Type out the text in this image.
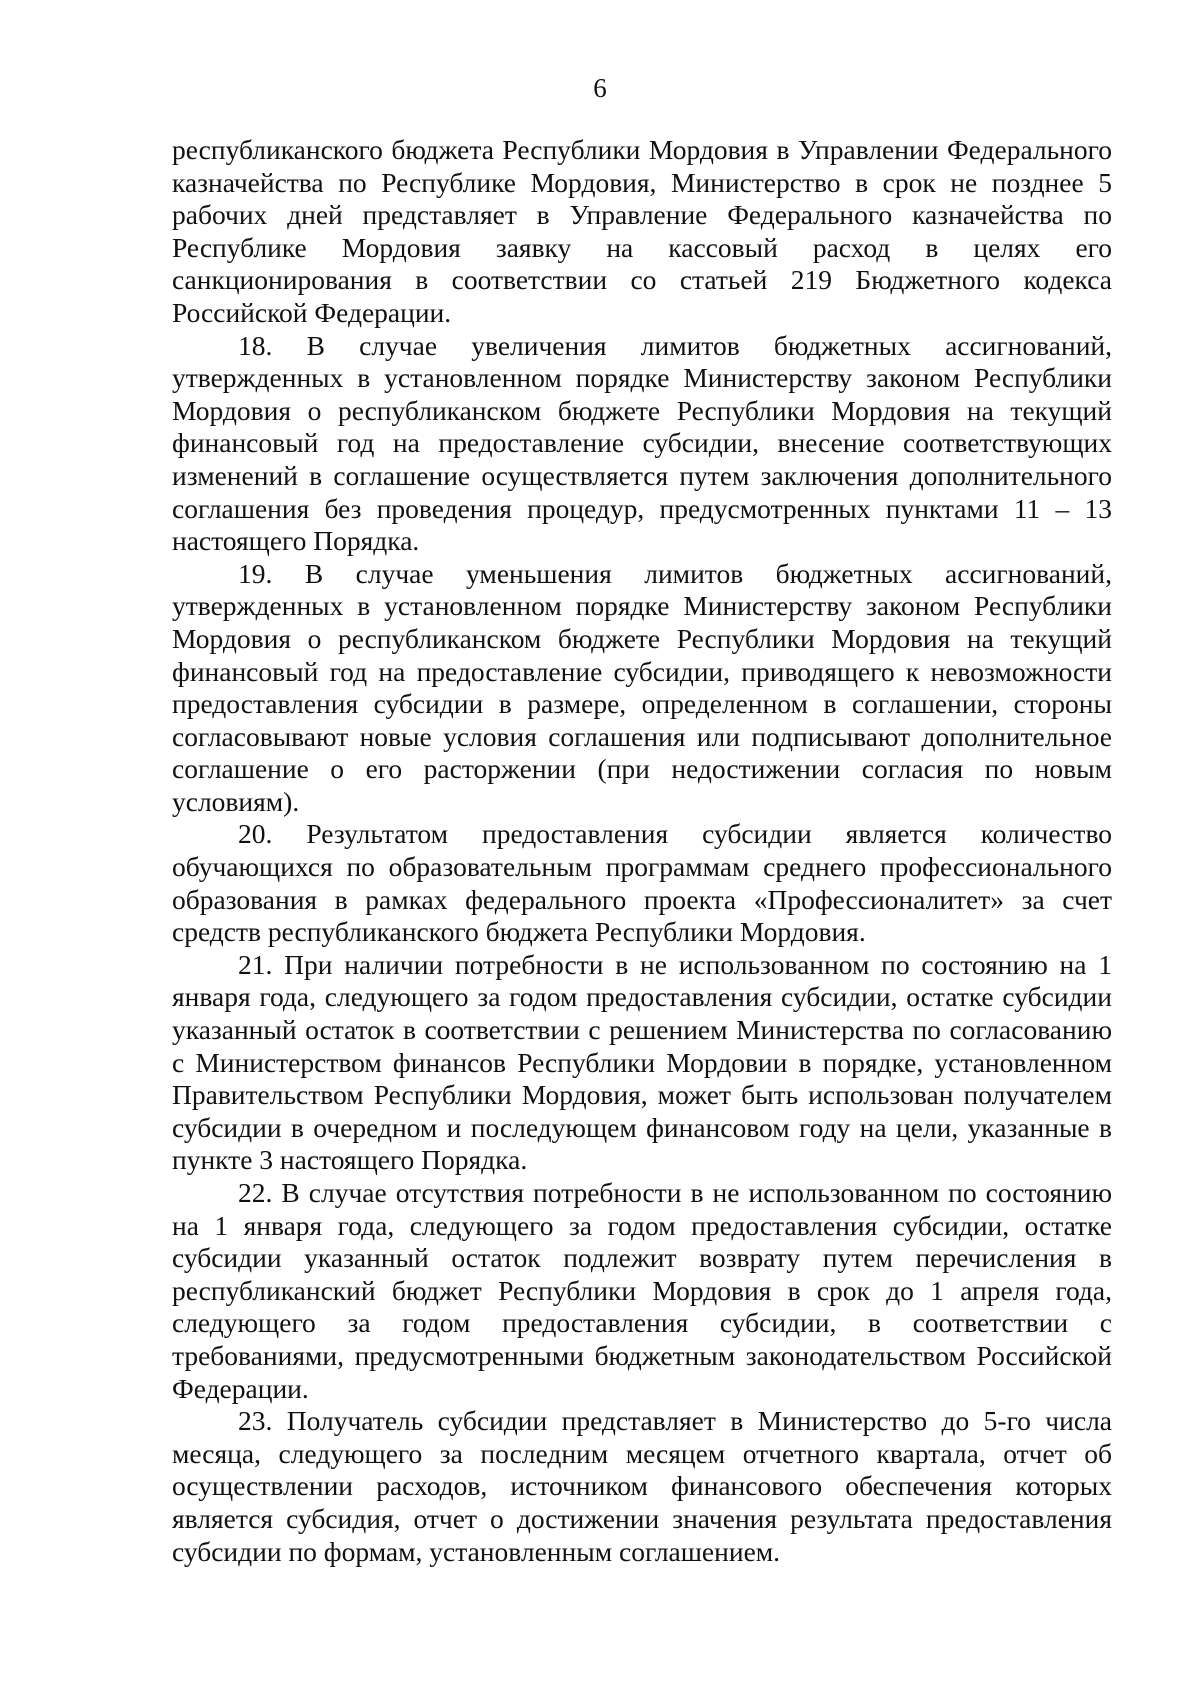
6

республиканского бюджета Республики Мордовия в Управлении Федерального казначейства по Республике Мордовия, Министерство в срок не позднее 5 рабочих дней представляет в Управление Федерального казначейства по Республике Мордовия заявку на кассовый расход в целях его санкционирования в соответствии со статьей 219 Бюджетного кодекса Российской Федерации.

18. В случае увеличения лимитов бюджетных ассигнований, утвержденных в установленном порядке Министерству законом Республики Мордовия о республиканском бюджете Республики Мордовия на текущий финансовый год на предоставление субсидии, внесение соответствующих изменений в соглашение осуществляется путем заключения дополнительного соглашения без проведения процедур, предусмотренных пунктами 11 – 13 настоящего Порядка.

19. В случае уменьшения лимитов бюджетных ассигнований, утвержденных в установленном порядке Министерству законом Республики Мордовия о республиканском бюджете Республики Мордовия на текущий финансовый год на предоставление субсидии, приводящего к невозможности предоставления субсидии в размере, определенном в соглашении, стороны согласовывают новые условия соглашения или подписывают дополнительное соглашение о его расторжении (при недостижении согласия по новым условиям).

20. Результатом предоставления субсидии является количество обучающихся по образовательным программам среднего профессионального образования в рамках федерального проекта «Профессионалитет» за счет средств республиканского бюджета Республики Мордовия.

21. При наличии потребности в не использованном по состоянию на 1 января года, следующего за годом предоставления субсидии, остатке субсидии указанный остаток в соответствии с решением Министерства по согласованию с Министерством финансов Республики Мордовии в порядке, установленном Правительством Республики Мордовия, может быть использован получателем субсидии в очередном и последующем финансовом году на цели, указанные в пункте 3 настоящего Порядка.

22. В случае отсутствия потребности в не использованном по состоянию на 1 января года, следующего за годом предоставления субсидии, остатке субсидии указанный остаток подлежит возврату путем перечисления в республиканский бюджет Республики Мордовия в срок до 1 апреля года, следующего за годом предоставления субсидии, в соответствии с требованиями, предусмотренными бюджетным законодательством Российской Федерации.

23. Получатель субсидии представляет в Министерство до 5-го числа месяца, следующего за последним месяцем отчетного квартала, отчет об осуществлении расходов, источником финансового обеспечения которых является субсидия, отчет о достижении значения результата предоставления субсидии по формам, установленным соглашением.
